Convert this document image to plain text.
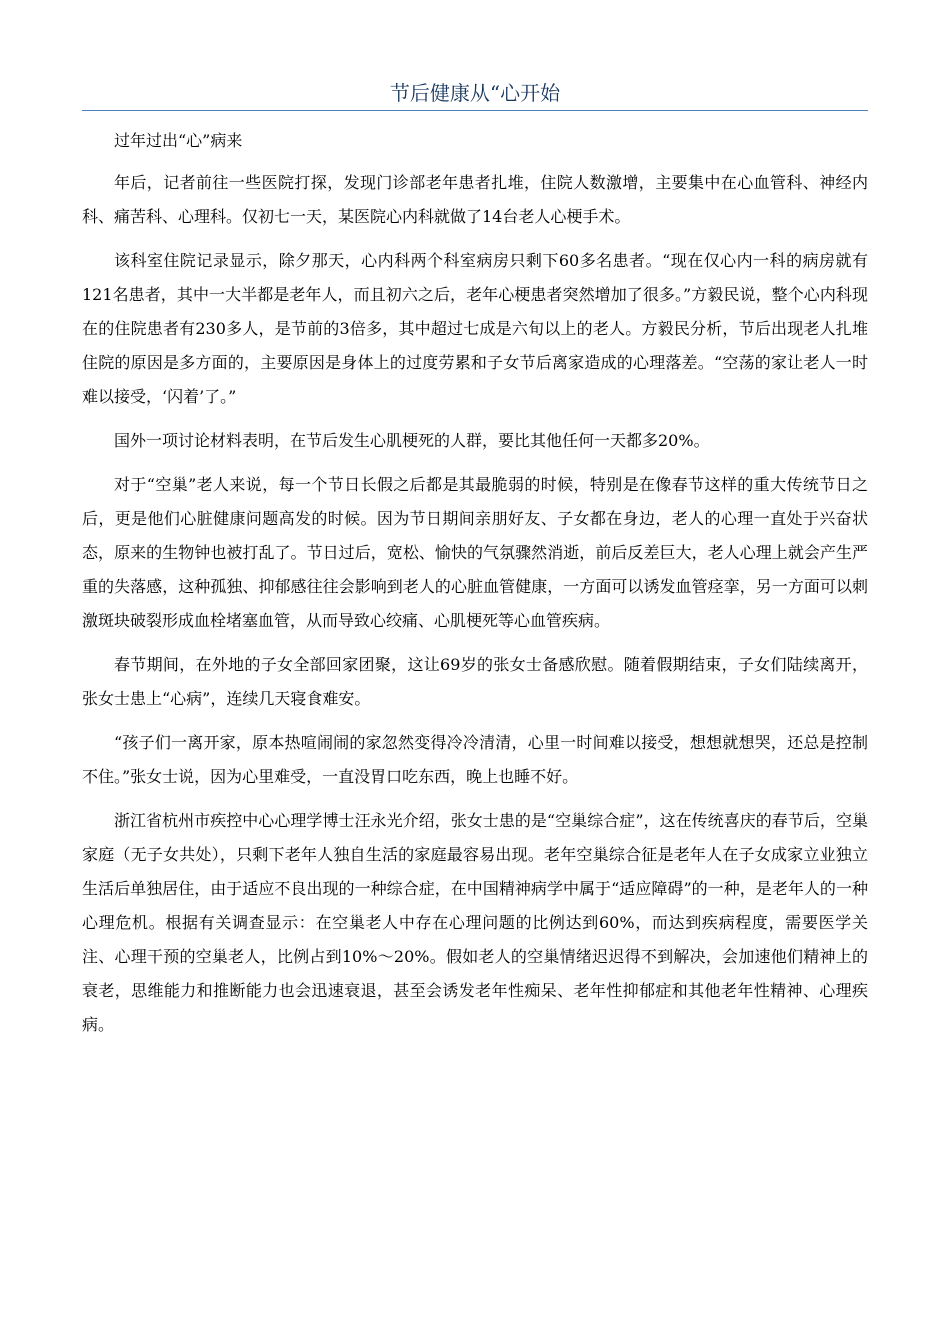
节后健康从“心开始

过年过出“心”病来

年后，记者前往一些医院打探，发现门诊部老年患者扎堆，住院人数激增，主要集中在心血管科、神经内科、痛苦科、心理科。仅初七一天，某医院心内科就做了14台老人心梗手术。

该科室住院记录显示，除夕那天，心内科两个科室病房只剩下60多名患者。“现在仅心内一科的病房就有121名患者，其中一大半都是老年人，而且初六之后，老年心梗患者突然增加了很多。”方毅民说，整个心内科现在的住院患者有230多人，是节前的3倍多，其中超过七成是六旬以上的老人。方毅民分析，节后出现老人扎堆住院的原因是多方面的，主要原因是身体上的过度劳累和子女节后离家造成的心理落差。“空荡的家让老人一时难以接受，‘闪着’了。”

国外一项讨论材料表明，在节后发生心肌梗死的人群，要比其他任何一天都多20%。

对于“空巢”老人来说，每一个节日长假之后都是其最脆弱的时候，特别是在像春节这样的重大传统节日之后，更是他们心脏健康问题高发的时候。因为节日期间亲朋好友、子女都在身边，老人的心理一直处于兴奋状态，原来的生物钟也被打乱了。节日过后，宽松、愉快的气氛骤然消逝，前后反差巨大，老人心理上就会产生严重的失落感，这种孤独、抑郁感往往会影响到老人的心脏血管健康，一方面可以诱发血管痉挛，另一方面可以刺激斑块破裂形成血栓堵塞血管，从而导致心绞痛、心肌梗死等心血管疾病。

春节期间，在外地的子女全部回家团聚，这让69岁的张女士备感欣慰。随着假期结束，子女们陆续离开，张女士患上“心病”，连续几天寝食难安。

“孩子们一离开家，原本热喧闹闹的家忽然变得冷冷清清，心里一时间难以接受，想想就想哭，还总是控制不住。”张女士说，因为心里难受，一直没胃口吃东西，晚上也睡不好。

浙江省杭州市疾控中心心理学博士汪永光介绍，张女士患的是“空巢综合症”，这在传统喜庆的春节后，空巢家庭（无子女共处），只剩下老年人独自生活的家庭最容易出现。老年空巢综合征是老年人在子女成家立业独立生活后单独居住，由于适应不良出现的一种综合症，在中国精神病学中属于“适应障碍”的一种，是老年人的一种心理危机。根据有关调查显示：在空巢老人中存在心理问题的比例达到60%，而达到疾病程度，需要医学关注、心理干预的空巢老人，比例占到10%～20%。假如老人的空巢情绪迟迟得不到解决，会加速他们精神上的衰老，思维能力和推断能力也会迅速衰退，甚至会诱发老年性痴呆、老年性抑郁症和其他老年性精神、心理疾病。
